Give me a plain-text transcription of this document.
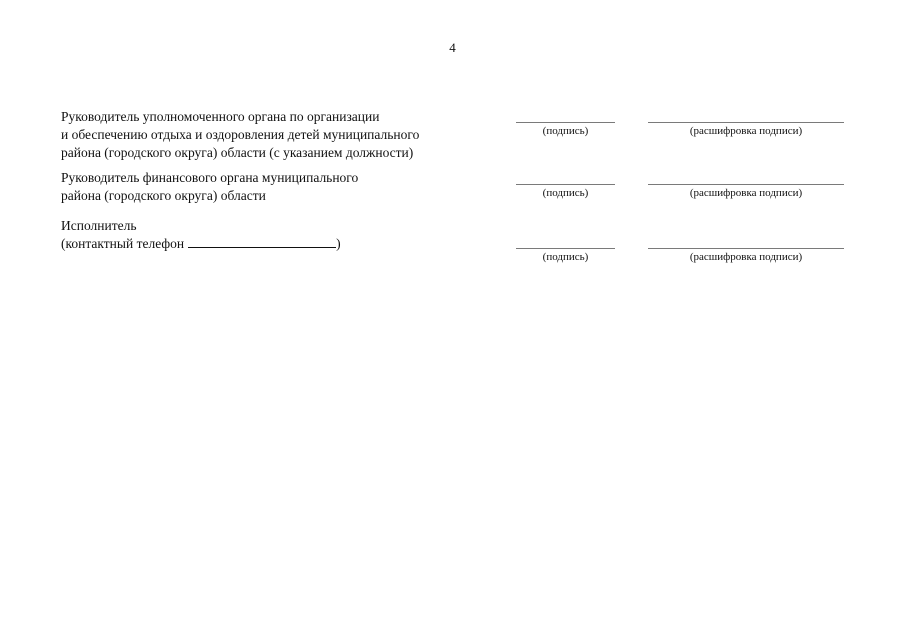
4
Руководитель уполномоченного органа по организации
и обеспечению отдыха и оздоровления детей муниципального
района (городского округа) области (с указанием должности)
(подпись)	(расшифровка подписи)
Руководитель финансового органа муниципального
района (городского округа) области	(подпись)	(расшифровка подписи)
Исполнитель
(контактный телефон	)
(подпись)	(расшифровка подписи)
